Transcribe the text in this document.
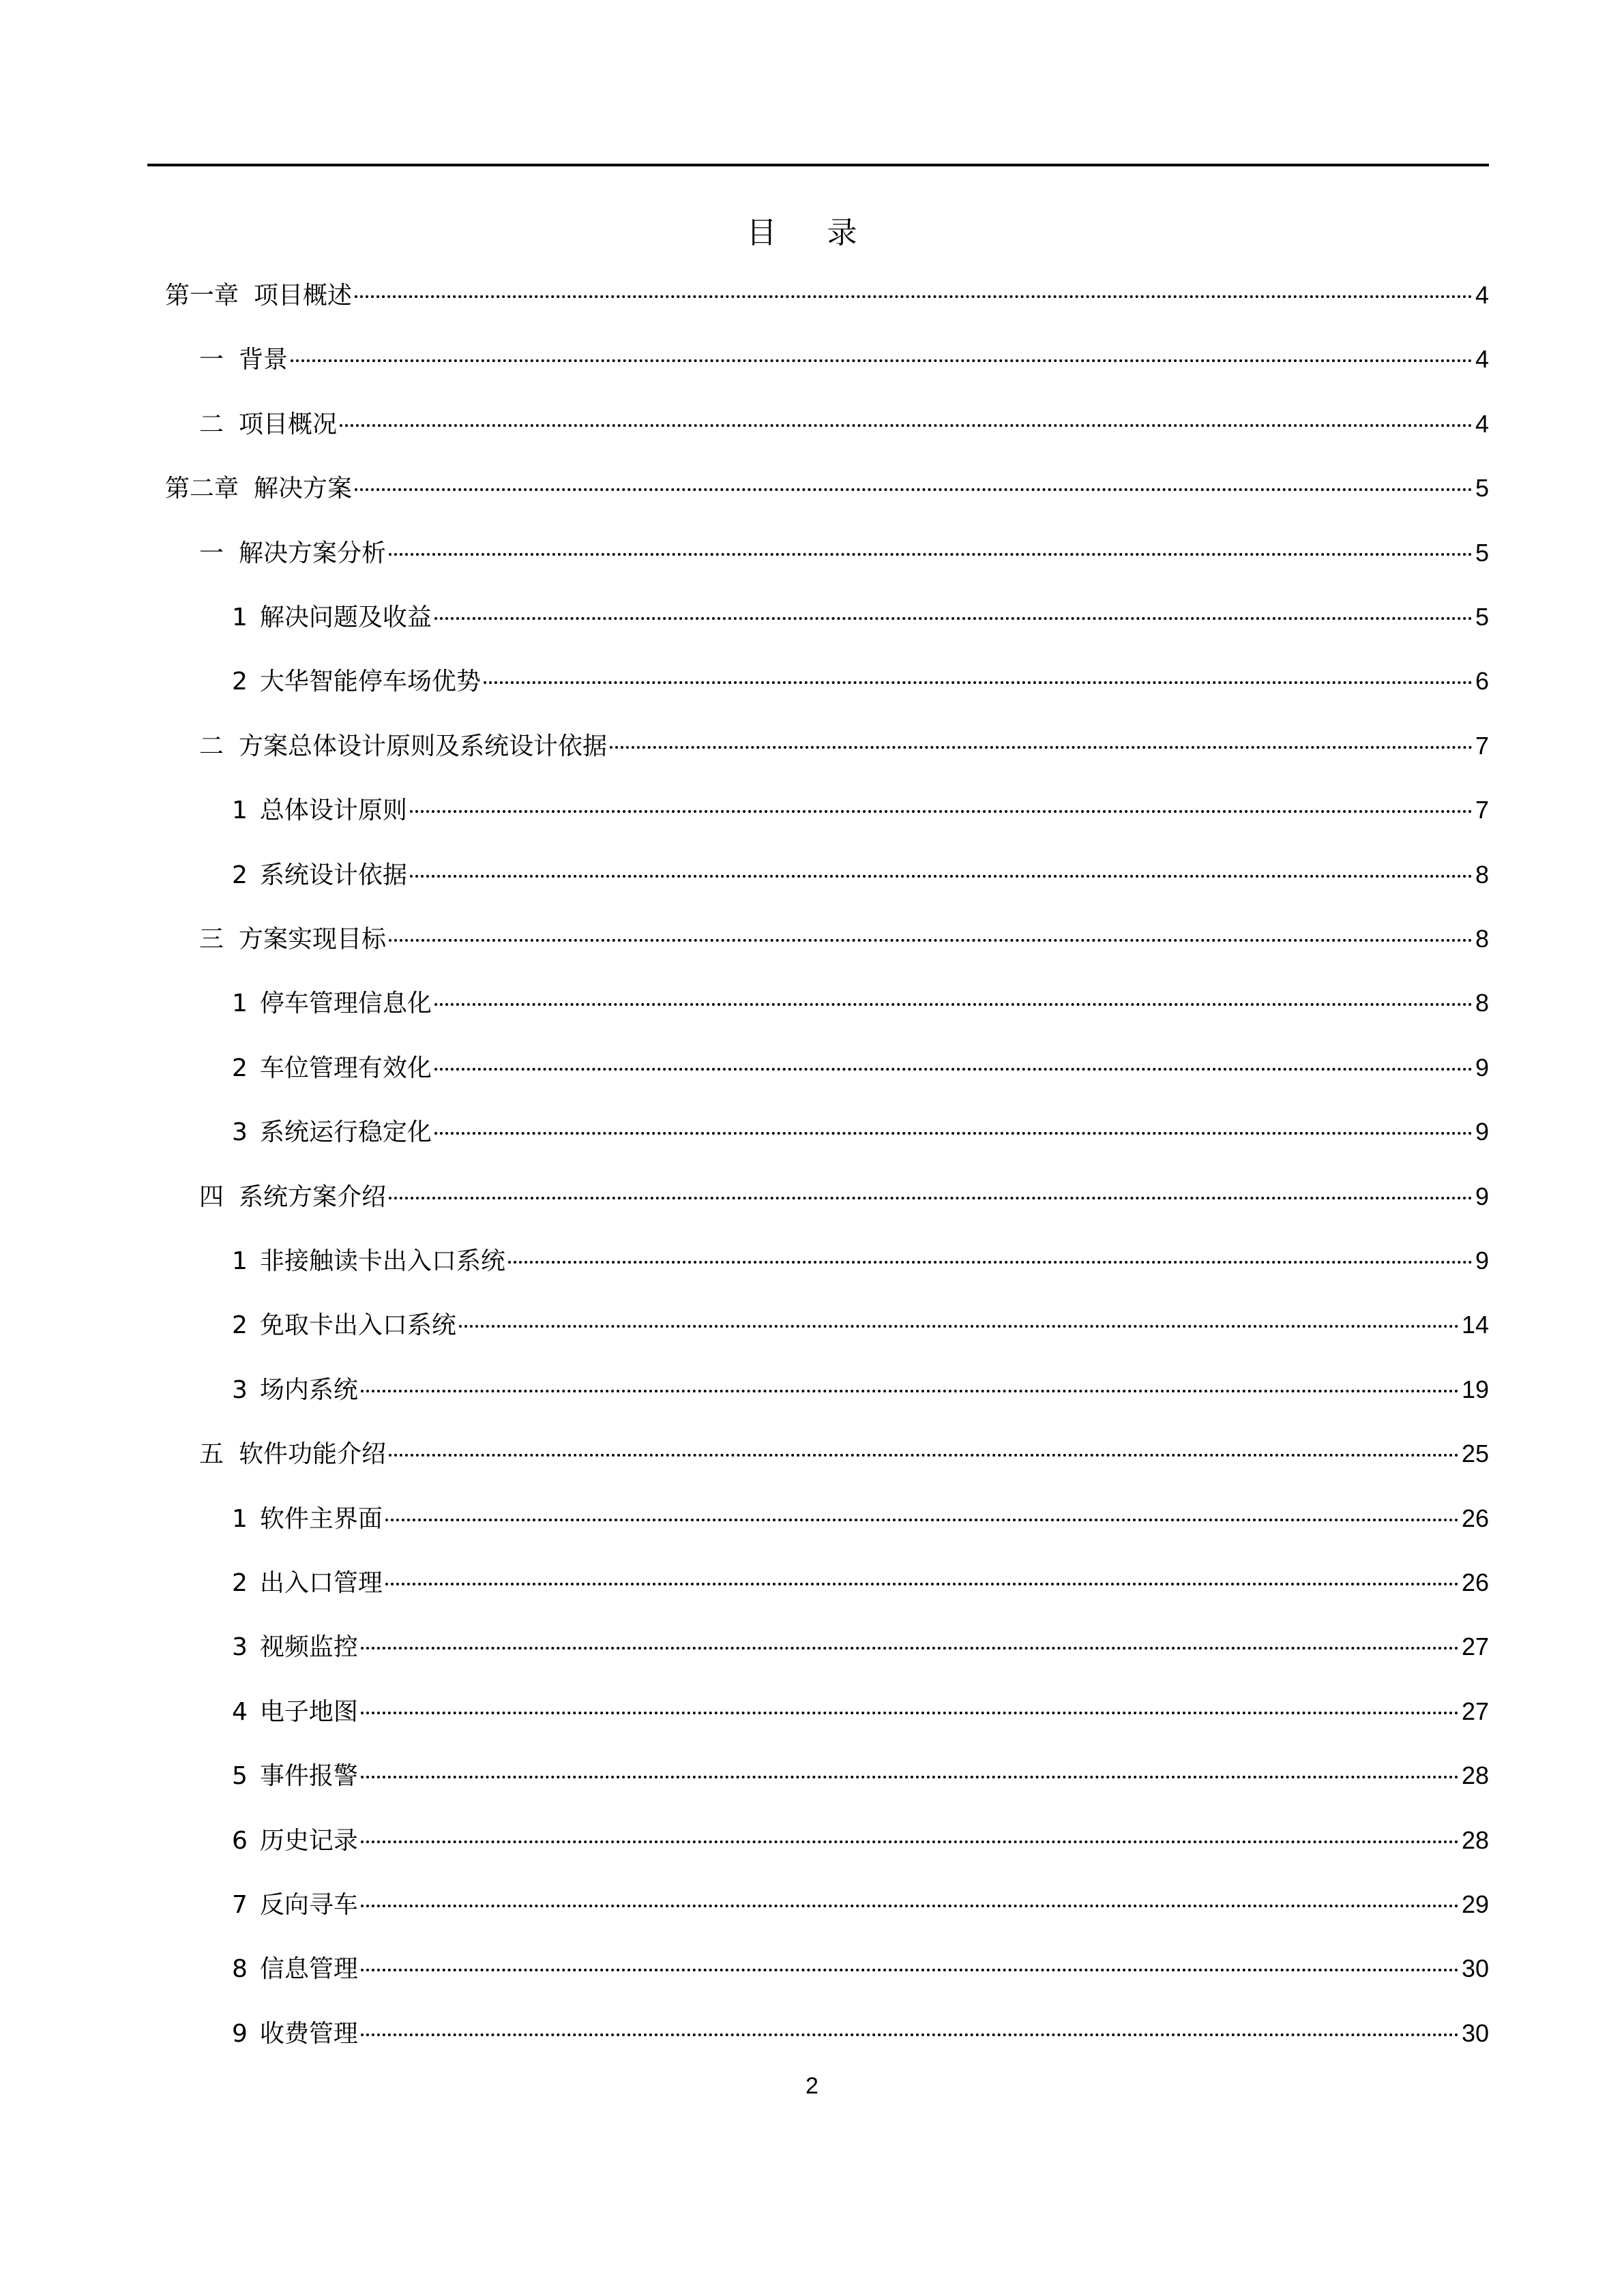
目 录
第一章 项目概述	4
一 背景	4
二 项目概况	4
第二章 解决方案	5
一 解决方案分析	5
1 解决问题及收益	5
2 大华智能停车场优势	6
二 方案总体设计原则及系统设计依据	7
1 总体设计原则	7
2 系统设计依据	8
三 方案实现目标	8
1 停车管理信息化	8
2 车位管理有效化	9
3 系统运行稳定化	9
四 系统方案介绍	9
1 非接触读卡出入口系统	9
2 免取卡出入口系统	14
3 场内系统	19
五 软件功能介绍	25
1 软件主界面	26
2 出入口管理	26
3 视频监控	27
4 电子地图	27
5 事件报警	28
6 历史记录	28
7 反向寻车	29
8 信息管理	30
9 收费管理	30
2
